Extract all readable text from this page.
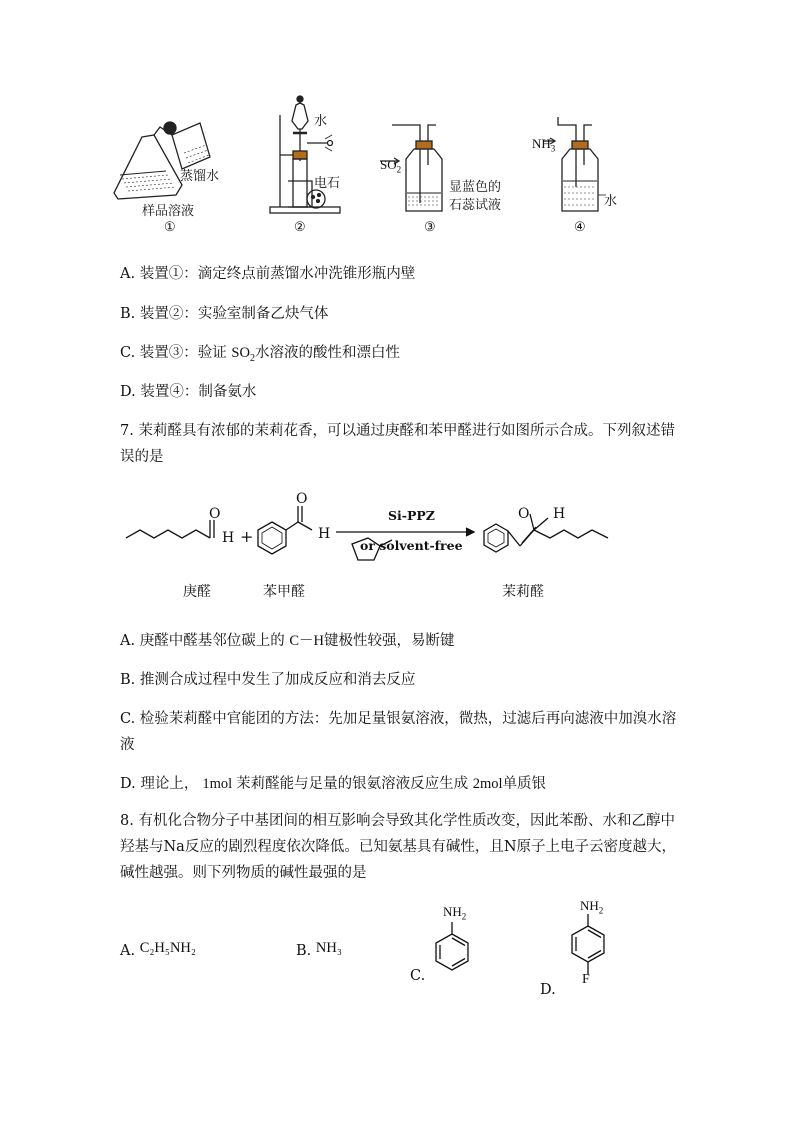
蒸馏水
样品溶液
①
水
电石
②
$SO_2$
显蓝色的
石蕊试液
③
$NH_3$
水
④
A. 装置①：滴定终点前蒸馏水冲洗锥形瓶内壁
B. 装置②：实验室制备乙炔气体
C. 装置③：验证 $SO_2$水溶液的酸性和漂白性
D. 装置④：制备氨水
7. 茉莉醛具有浓郁的茉莉花香，可以通过庚醛和苯甲醛进行如图所示合成。下列叙述错误的是
O
H +
O
H
Si-PPZ
or solvent-free
O H
庚醛	苯甲醛	茉莉醛
A. 庚醛中醛基邻位碳上的 C－H键极性较强，易断键
B. 推测合成过程中发生了加成反应和消去反应
C. 检验茉莉醛中官能团的方法：先加足量银氨溶液，微热，过滤后再向滤液中加溴水溶液
D. 理论上， 1mol 茉莉醛能与足量的银氨溶液反应生成 2mol单质银
8. 有机化合物分子中基团间的相互影响会导致其化学性质改变，因此苯酚、水和乙醇中羟基与Na反应的剧烈程度依次降低。已知氨基具有碱性，且N原子上电子云密度越大，碱性越强。则下列物质的碱性最强的是
A. C₂H₅NH₂	B. NH₃
C.
$NH_2$
D.
$NH_2$
F
